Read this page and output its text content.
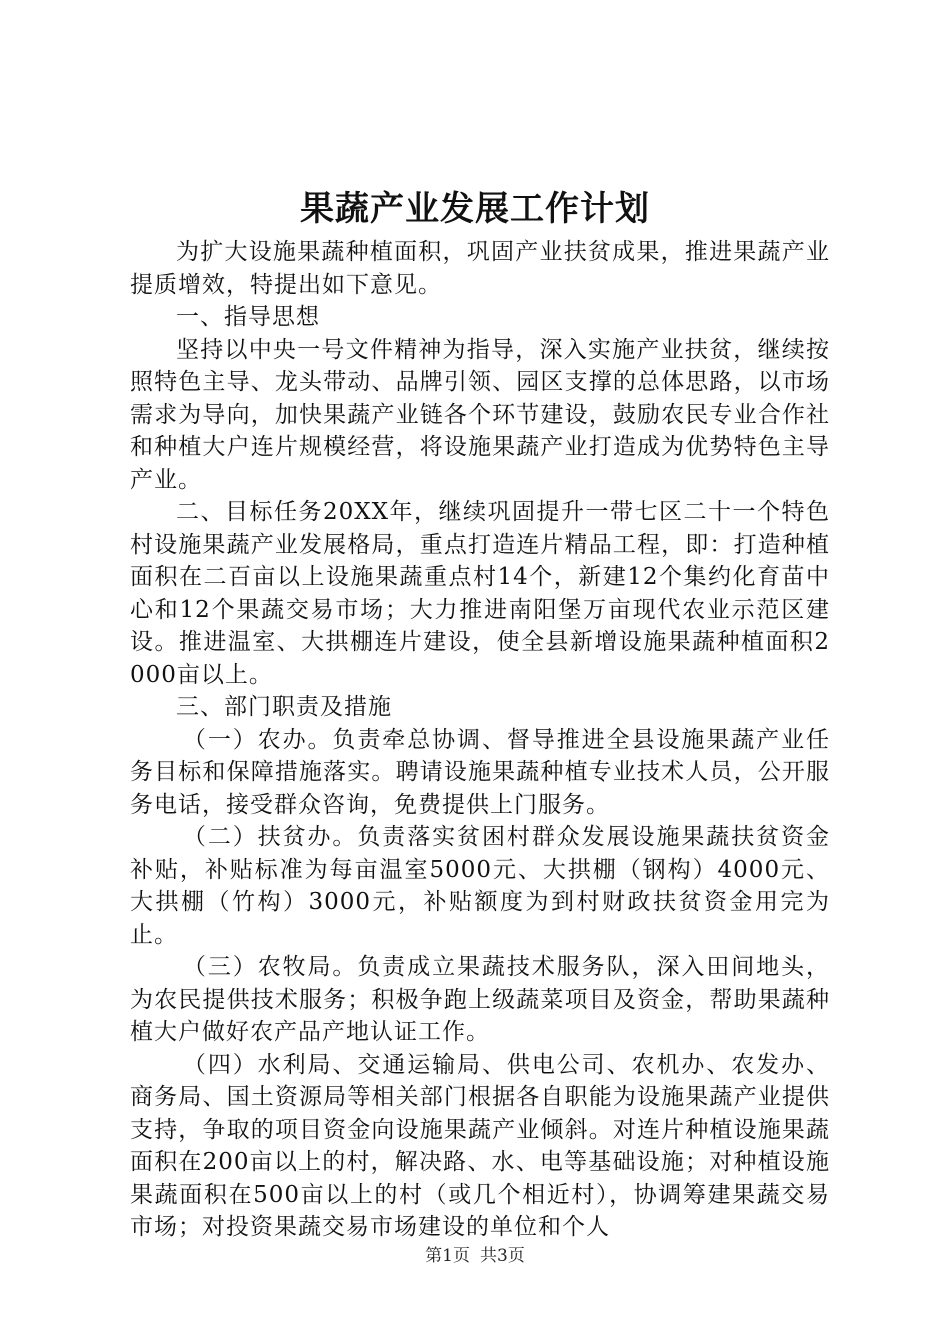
果蔬产业发展工作计划

为扩大设施果蔬种植面积，巩固产业扶贫成果，推进果蔬产业提质增效，特提出如下意见。

一、指导思想

坚持以中央一号文件精神为指导，深入实施产业扶贫，继续按照特色主导、龙头带动、品牌引领、园区支撑的总体思路，以市场需求为导向，加快果蔬产业链各个环节建设，鼓励农民专业合作社和种植大户连片规模经营，将设施果蔬产业打造成为优势特色主导产业。

二、目标任务20XX年，继续巩固提升一带七区二十一个特色村设施果蔬产业发展格局，重点打造连片精品工程，即：打造种植面积在二百亩以上设施果蔬重点村14个，新建12个集约化育苗中心和12个果蔬交易市场；大力推进南阳堡万亩现代农业示范区建设。推进温室、大拱棚连片建设，使全县新增设施果蔬种植面积2000亩以上。

三、部门职责及措施

（一）农办。负责牵总协调、督导推进全县设施果蔬产业任务目标和保障措施落实。聘请设施果蔬种植专业技术人员，公开服务电话，接受群众咨询，免费提供上门服务。

（二）扶贫办。负责落实贫困村群众发展设施果蔬扶贫资金补贴，补贴标准为每亩温室5000元、大拱棚（钢构）4000元、大拱棚（竹构）3000元，补贴额度为到村财政扶贫资金用完为止。

（三）农牧局。负责成立果蔬技术服务队，深入田间地头，为农民提供技术服务；积极争跑上级蔬菜项目及资金，帮助果蔬种植大户做好农产品产地认证工作。

（四）水利局、交通运输局、供电公司、农机办、农发办、商务局、国土资源局等相关部门根据各自职能为设施果蔬产业提供支持，争取的项目资金向设施果蔬产业倾斜。对连片种植设施果蔬面积在200亩以上的村，解决路、水、电等基础设施；对种植设施果蔬面积在500亩以上的村（或几个相近村），协调筹建果蔬交易市场；对投资果蔬交易市场建设的单位和个人

第1页 共3页
